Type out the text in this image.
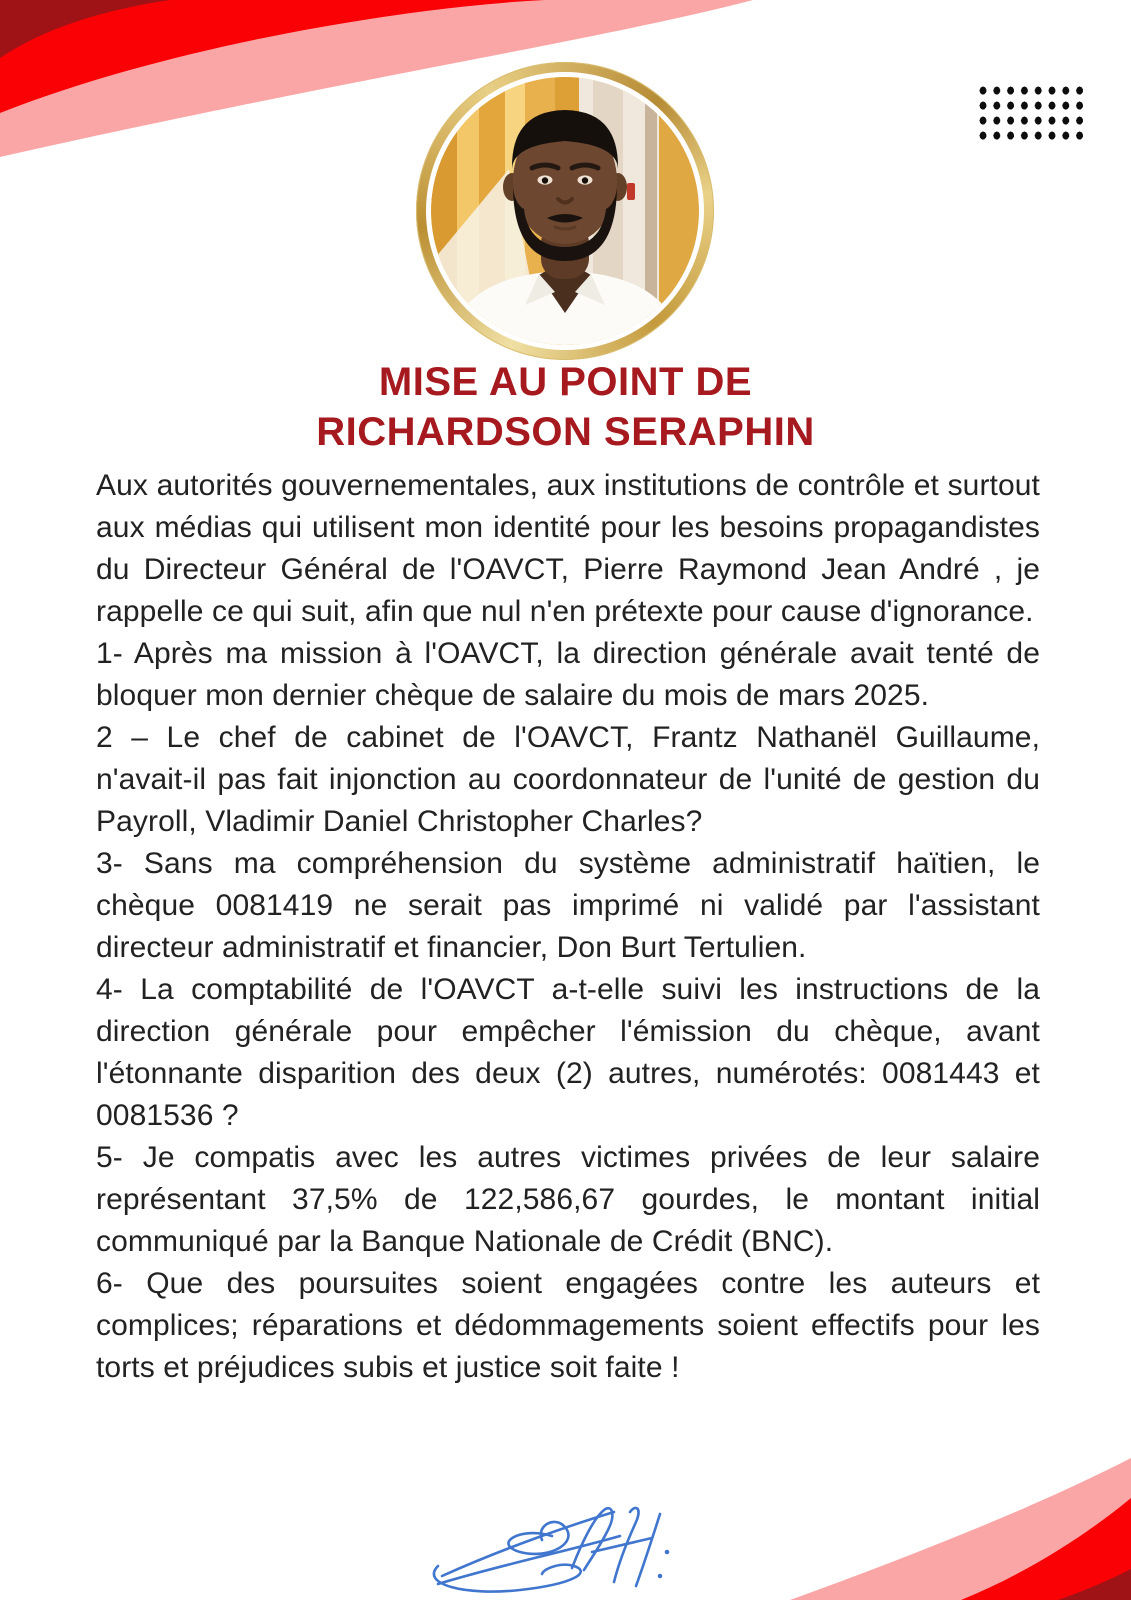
MISE AU POINT DE
RICHARDSON SERAPHIN

Aux autorités gouvernementales, aux institutions de contrôle et surtout aux médias qui utilisent mon identité pour les besoins propagandistes du Directeur Général de l'OAVCT, Pierre Raymond Jean André , je rappelle ce qui suit, afin que nul n'en prétexte pour cause d'ignorance.

1- Après ma mission à l'OAVCT, la direction générale avait tenté de bloquer mon dernier chèque de salaire du mois de mars 2025.

2 – Le chef de cabinet de l'OAVCT, Frantz Nathanël Guillaume, n'avait-il pas fait injonction au coordonnateur de l'unité de gestion du Payroll, Vladimir Daniel Christopher Charles?

3- Sans ma compréhension du système administratif haïtien, le chèque 0081419 ne serait pas imprimé ni validé par l'assistant directeur administratif et financier, Don Burt Tertulien.

4- La comptabilité de l'OAVCT a-t-elle suivi les instructions de la direction générale pour empêcher l'émission du chèque, avant l'étonnante disparition des deux (2) autres, numérotés: 0081443 et 0081536 ?

5- Je compatis avec les autres victimes privées de leur salaire représentant 37,5% de 122,586,67 gourdes, le montant initial communiqué par la Banque Nationale de Crédit (BNC).

6- Que des poursuites soient engagées contre les auteurs et complices; réparations et dédommagements soient effectifs pour les torts et préjudices subis et justice soit faite !
